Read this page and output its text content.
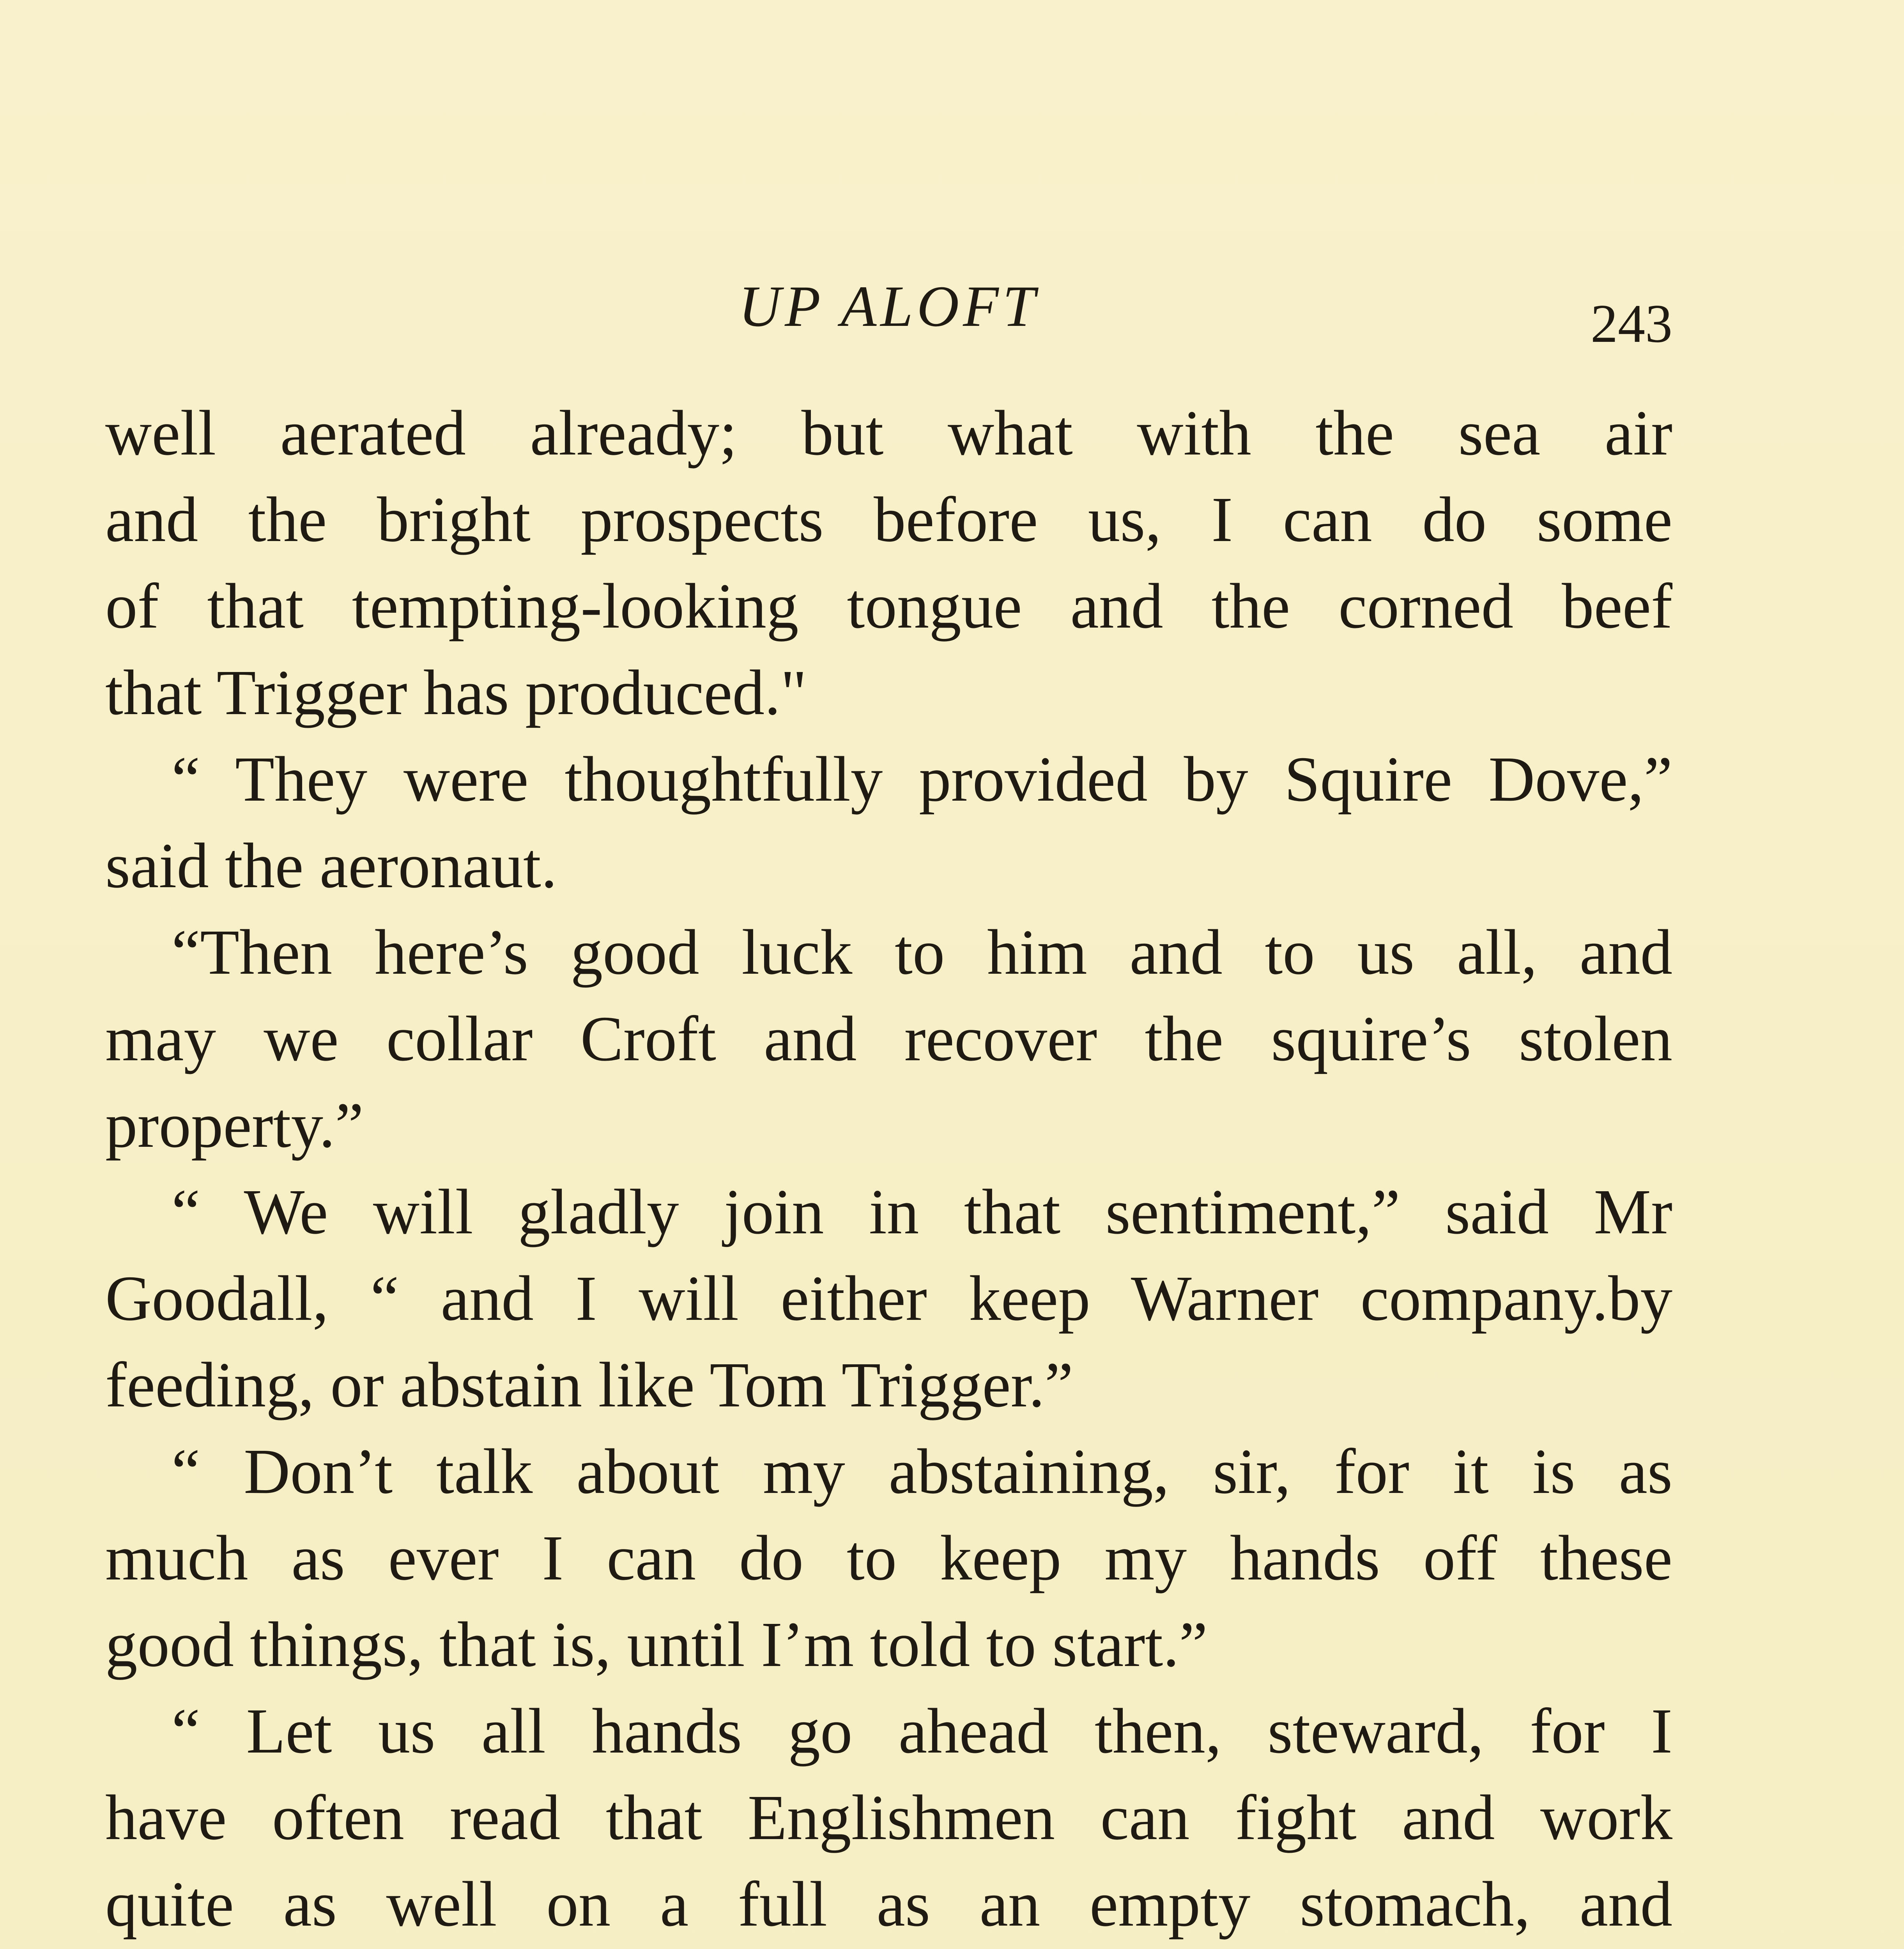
UP ALOFT	243
well aerated already; but what with the sea air
and the bright prospects before us, I can do some
of that tempting-looking tongue and the corned beef
that Trigger has produced."
“ They were thoughtfully provided by Squire Dove,”
said the aeronaut.
“Then here’s good luck to him and to us all, and
may we collar Croft and recover the squire’s stolen
property.”
“ We will gladly join in that sentiment,” said Mr
Goodall, “ and I will either keep Warner company.by
feeding, or abstain like Tom Trigger.”
“ Don’t talk about my abstaining, sir, for it is as
much as ever I can do to keep my hands off these
good things, that is, until I’m told to start.”
“ Let us all hands go ahead then, steward, for I
have often read that Englishmen can fight and work
quite as well on a full as an empty stomach, and
